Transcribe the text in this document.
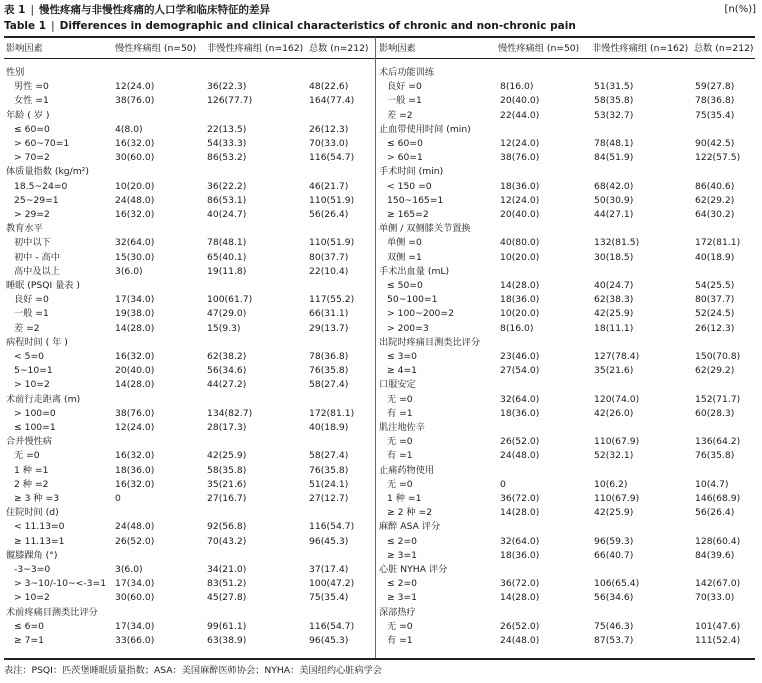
表 1 | 慢性疼痛与非慢性疼痛的人口学和临床特征的差异	[n(%)]
Table 1 | Differences in demographic and clinical characteristics of chronic and non-chronic pain
影响因素	慢性疼痛组 (n=50) 非慢性疼痛组 (n=162) 总数 (n=212)
性别
男性 =0	12(24.0)	36(22.3)	48(22.6)
女性 =1	38(76.0)	126(77.7)	164(77.4)
年龄 ( 岁 )
≤ 60=0	4(8.0)	22(13.5)	26(12.3)
> 60~70=1	16(32.0)	54(33.3)	70(33.0)
> 70=2	30(60.0)	86(53.2)	116(54.7)
体质量指数 (kg/m²)
18.5~24=0	10(20.0)	36(22.2)	46(21.7)
25~29=1	24(48.0)	86(53.1)	110(51.9)
> 29=2	16(32.0)	40(24.7)	56(26.4)
教育水平
初中以下	32(64.0)	78(48.1)	110(51.9)
初中 - 高中	15(30.0)	65(40.1)	80(37.7)
高中及以上	3(6.0)	19(11.8)	22(10.4)
睡眠 (PSQI 量表 )
良好 =0	17(34.0)	100(61.7)	117(55.2)
一般 =1	19(38.0)	47(29.0)	66(31.1)
差 =2	14(28.0)	15(9.3)	29(13.7)
病程时间 ( 年 )
< 5=0	16(32.0)	62(38.2)	78(36.8)
5~10=1	20(40.0)	56(34.6)	76(35.8)
> 10=2	14(28.0)	44(27.2)	58(27.4)
术前行走距离 (m)
> 100=0	38(76.0)	134(82.7)	172(81.1)
≤ 100=1	12(24.0)	28(17.3)	40(18.9)
合并慢性病
无 =0	16(32.0)	42(25.9)	58(27.4)
1 种 =1	18(36.0)	58(35.8)	76(35.8)
2 种 =2	16(32.0)	35(21.6)	51(24.1)
≥ 3 种 =3	0	27(16.7)	27(12.7)
住院时间 (d)
< 11.13=0	24(48.0)	92(56.8)	116(54.7)
≥ 11.13=1	26(52.0)	70(43.2)	96(45.3)
髋膝踝角 (°)
-3~3=0	3(6.0)	34(21.0)	37(17.4)
> 3~10/-10~<-3=1 17(34.0)	83(51.2)	100(47.2)
> 10=2	30(60.0)	45(27.8)	75(35.4)
术前疼痛目测类比评分
≤ 6=0	17(34.0)	99(61.1)	116(54.7)
≥ 7=1	33(66.0)	63(38.9)	96(45.3)
影响因素	慢性疼痛组 (n=50) 非慢性疼痛组 (n=162) 总数 (n=212)
术后功能训练
良好 =0	8(16.0)	51(31.5)	59(27.8)
一般 =1	20(40.0)	58(35.8)	78(36.8)
差 =2	22(44.0)	53(32.7)	75(35.4)
止血带使用时间 (min)
≤ 60=0	12(24.0)	78(48.1)	90(42.5)
> 60=1	38(76.0)	84(51.9)	122(57.5)
手术时间 (min)
< 150 =0	18(36.0)	68(42.0)	86(40.6)
150~165=1	12(24.0)	50(30.9)	62(29.2)
≥ 165=2	20(40.0)	44(27.1)	64(30.2)
单侧 / 双侧膝关节置换
单侧 =0	40(80.0)	132(81.5)	172(81.1)
双侧 =1	10(20.0)	30(18.5)	40(18.9)
手术出血量 (mL)
≤ 50=0	14(28.0)	40(24.7)	54(25.5)
50~100=1	18(36.0)	62(38.3)	80(37.7)
> 100~200=2	10(20.0)	42(25.9)	52(24.5)
> 200=3	8(16.0)	18(11.1)	26(12.3)
出院时疼痛目测类比评分
≤ 3=0	23(46.0)	127(78.4)	150(70.8)
≥ 4=1	27(54.0)	35(21.6)	62(29.2)
口服安定
无 =0	32(64.0)	120(74.0)	152(71.7)
有 =1	18(36.0)	42(26.0)	60(28.3)
肌注地佐辛
无 =0	26(52.0)	110(67.9)	136(64.2)
有 =1	24(48.0)	52(32.1)	76(35.8)
止痛药物使用
无 =0	0	10(6.2)	10(4.7)
1 种 =1	36(72.0)	110(67.9)	146(68.9)
≥ 2 种 =2	14(28.0)	42(25.9)	56(26.4)
麻醉 ASA 评分
≤ 2=0	32(64.0)	96(59.3)	128(60.4)
≥ 3=1	18(36.0)	66(40.7)	84(39.6)
心脏 NYHA 评分
≤ 2=0	36(72.0)	106(65.4)	142(67.0)
≥ 3=1	14(28.0)	56(34.6)	70(33.0)
深部热疗
无 =0	26(52.0)	75(46.3)	101(47.6)
有 =1	24(48.0)	87(53.7)	111(52.4)
表注：PSQI：匹茨堡睡眠质量指数；ASA：美国麻醉医师协会；NYHA：美国纽约心脏病学会
